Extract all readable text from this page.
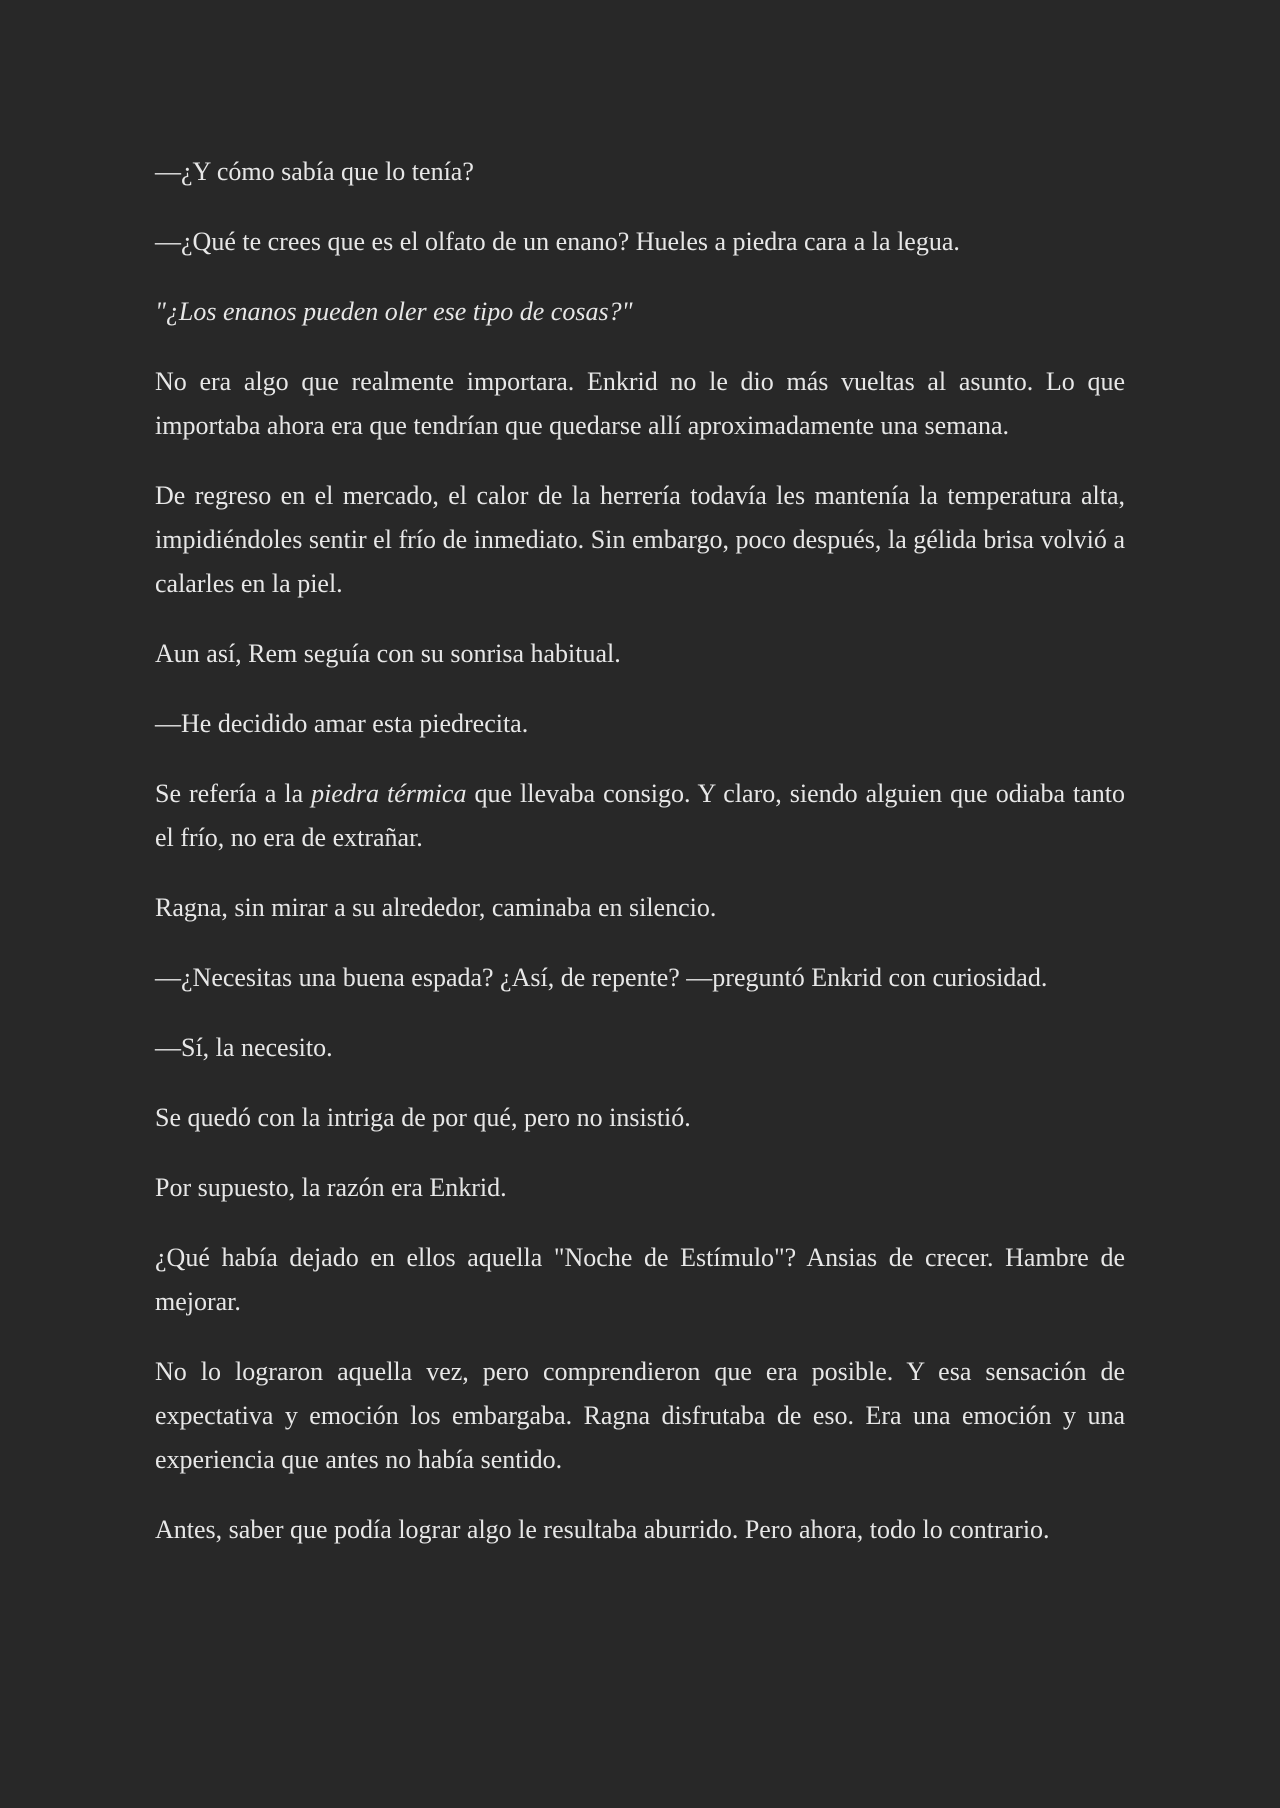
—¿Y cómo sabía que lo tenía?

—¿Qué te crees que es el olfato de un enano? Hueles a piedra cara a la legua.

"¿Los enanos pueden oler ese tipo de cosas?"

No era algo que realmente importara. Enkrid no le dio más vueltas al asunto. Lo que importaba ahora era que tendrían que quedarse allí aproximadamente una semana.

De regreso en el mercado, el calor de la herrería todavía les mantenía la temperatura alta, impidiéndoles sentir el frío de inmediato. Sin embargo, poco después, la gélida brisa volvió a calarles en la piel.

Aun así, Rem seguía con su sonrisa habitual.

—He decidido amar esta piedrecita.

Se refería a la piedra térmica que llevaba consigo. Y claro, siendo alguien que odiaba tanto el frío, no era de extrañar.

Ragna, sin mirar a su alrededor, caminaba en silencio.

—¿Necesitas una buena espada? ¿Así, de repente? —preguntó Enkrid con curiosidad.

—Sí, la necesito.

Se quedó con la intriga de por qué, pero no insistió.

Por supuesto, la razón era Enkrid.

¿Qué había dejado en ellos aquella "Noche de Estímulo"? Ansias de crecer. Hambre de mejorar.

No lo lograron aquella vez, pero comprendieron que era posible. Y esa sensación de expectativa y emoción los embargaba. Ragna disfrutaba de eso. Era una emoción y una experiencia que antes no había sentido.

Antes, saber que podía lograr algo le resultaba aburrido. Pero ahora, todo lo contrario.
